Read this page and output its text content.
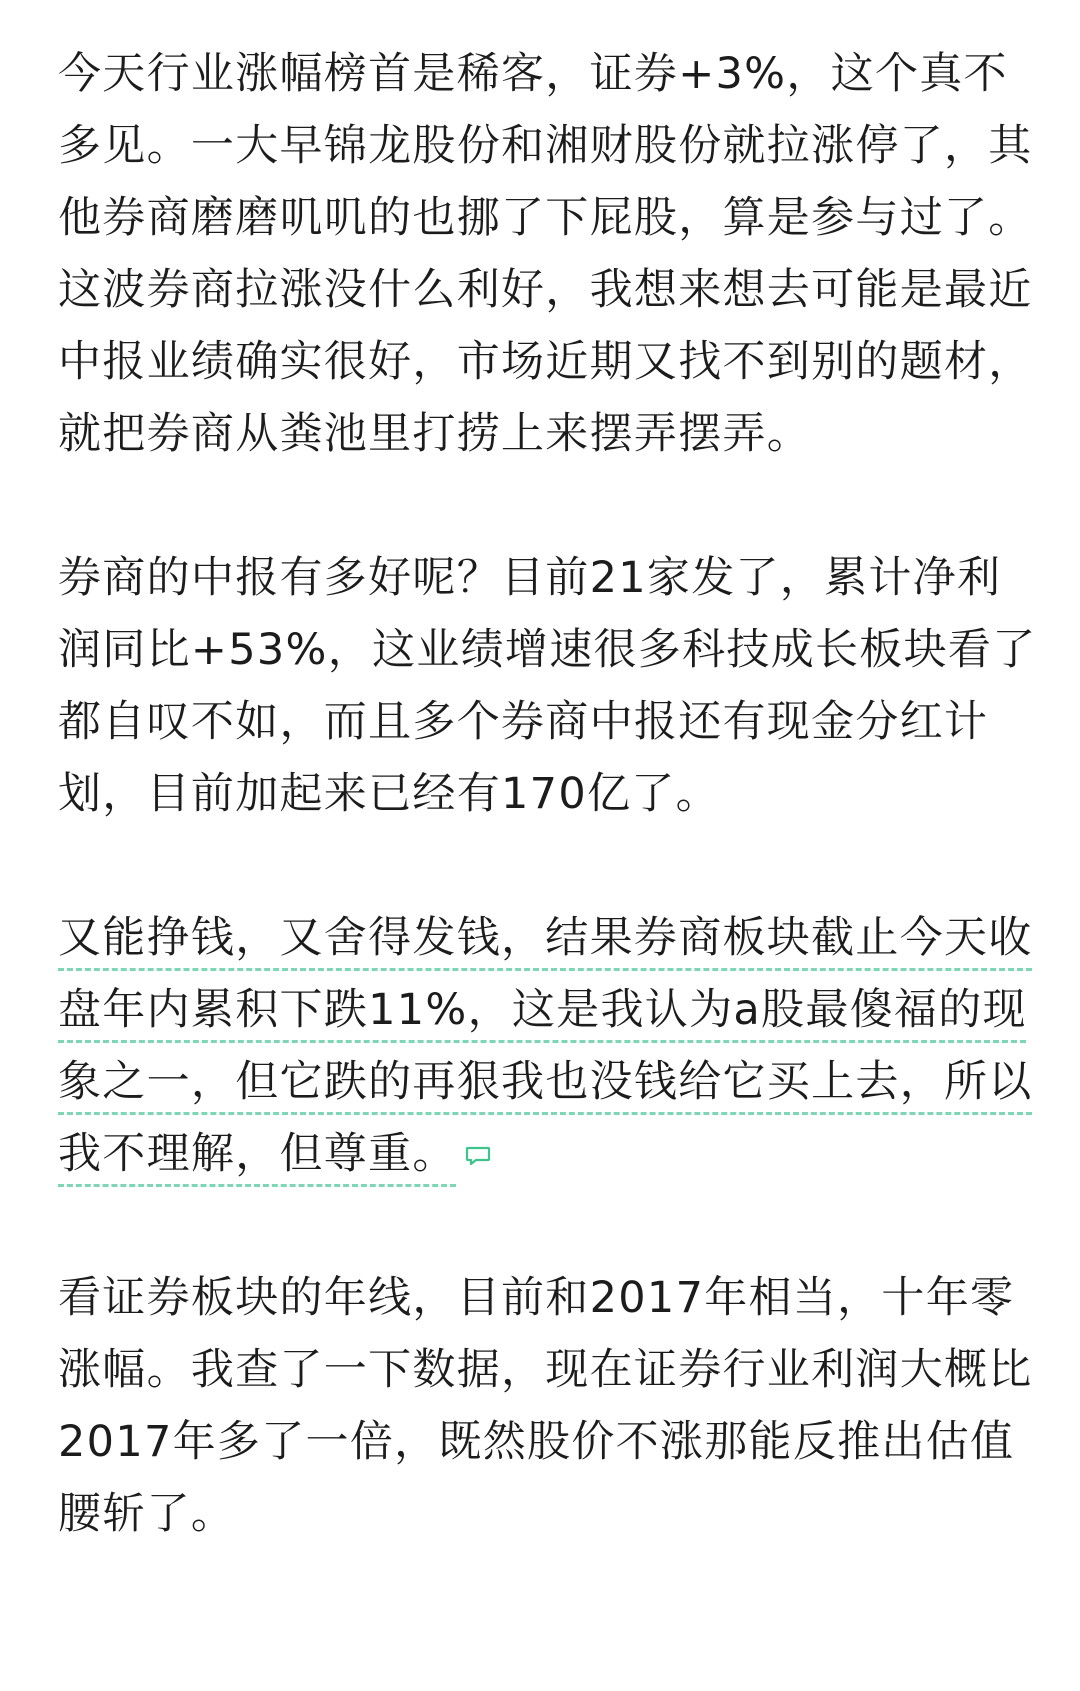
今天行业涨幅榜首是稀客，证券+3%，这个真不多见。一大早锦龙股份和湘财股份就拉涨停了，其他券商磨磨叽叽的也挪了下屁股，算是参与过了。这波券商拉涨没什么利好，我想来想去可能是最近中报业绩确实很好，市场近期又找不到别的题材，就把券商从粪池里打捞上来摆弄摆弄。

券商的中报有多好呢？目前21家发了，累计净利润同比+53%，这业绩增速很多科技成长板块看了都自叹不如，而且多个券商中报还有现金分红计划，目前加起来已经有170亿了。

又能挣钱，又舍得发钱，结果券商板块截止今天收盘年内累积下跌11%，这是我认为a股最傻福的现象之一，但它跌的再狠我也没钱给它买上去，所以我不理解，但尊重。

看证券板块的年线，目前和2017年相当，十年零涨幅。我查了一下数据，现在证券行业利润大概比2017年多了一倍，既然股价不涨那能反推出估值腰斩了。
